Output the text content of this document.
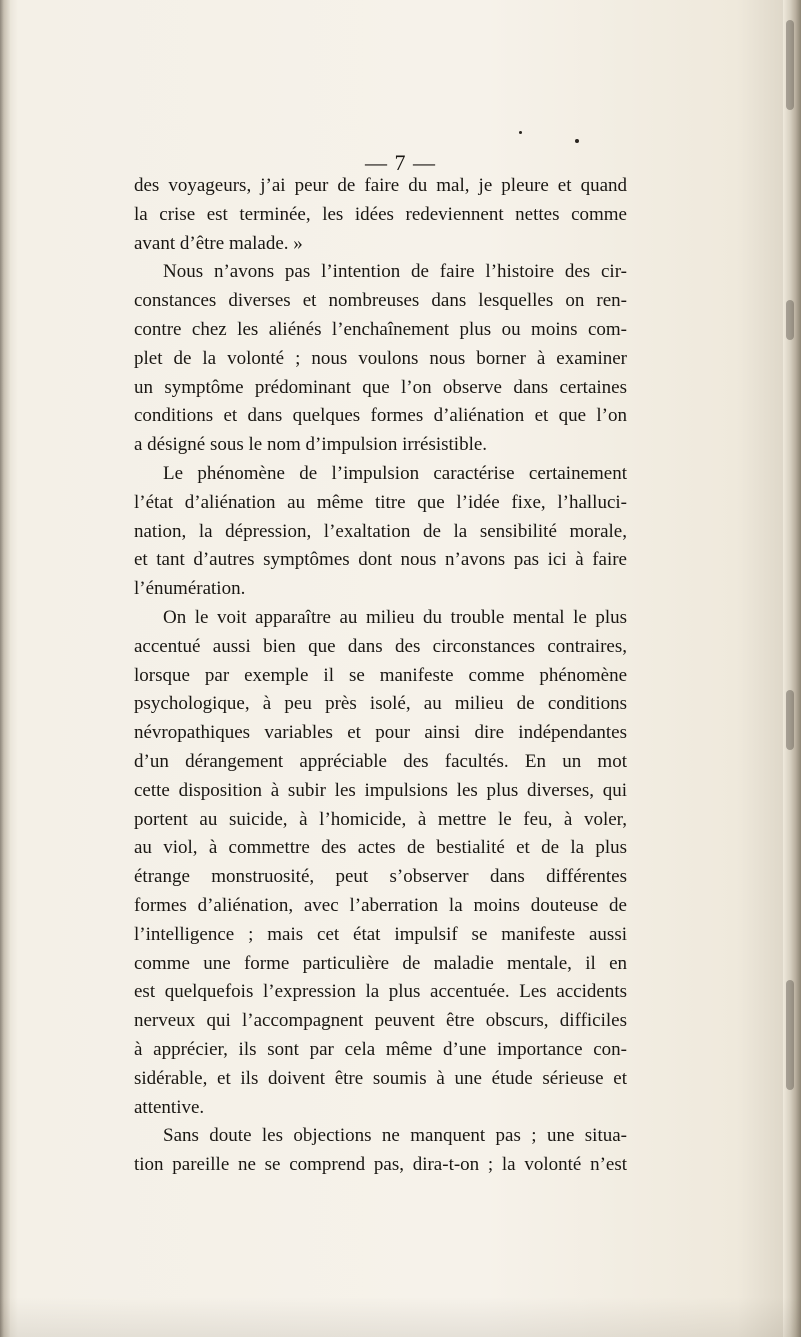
— 7 —
des voyageurs, j’ai peur de faire du mal, je pleure et quand
la crise est terminée, les idées redeviennent nettes comme
avant d’être malade. »
Nous n’avons pas l’intention de faire l’histoire des cir-
constances diverses et nombreuses dans lesquelles on ren-
contre chez les aliénés l’enchaînement plus ou moins com-
plet de la volonté ; nous voulons nous borner à examiner
un symptôme prédominant que l’on observe dans certaines
conditions et dans quelques formes d’aliénation et que l’on
a désigné sous le nom d’impulsion irrésistible.
Le phénomène de l’impulsion caractérise certainement
l’état d’aliénation au même titre que l’idée fixe, l’halluci-
nation, la dépression, l’exaltation de la sensibilité morale,
et tant d’autres symptômes dont nous n’avons pas ici à faire
l’énumération.
On le voit apparaître au milieu du trouble mental le plus
accentué aussi bien que dans des circonstances contraires,
lorsque par exemple il se manifeste comme phénomène
psychologique, à peu près isolé, au milieu de conditions
névropathiques variables et pour ainsi dire indépendantes
d’un dérangement appréciable des facultés. En un mot
cette disposition à subir les impulsions les plus diverses, qui
portent au suicide, à l’homicide, à mettre le feu, à voler,
au viol, à commettre des actes de bestialité et de la plus
étrange monstruosité, peut s’observer dans différentes
formes d’aliénation, avec l’aberration la moins douteuse de
l’intelligence ; mais cet état impulsif se manifeste aussi
comme une forme particulière de maladie mentale, il en
est quelquefois l’expression la plus accentuée. Les accidents
nerveux qui l’accompagnent peuvent être obscurs, difficiles
à apprécier, ils sont par cela même d’une importance con-
sidérable, et ils doivent être soumis à une étude sérieuse et
attentive.
Sans doute les objections ne manquent pas ; une situa-
tion pareille ne se comprend pas, dira-t-on ; la volonté n’est
